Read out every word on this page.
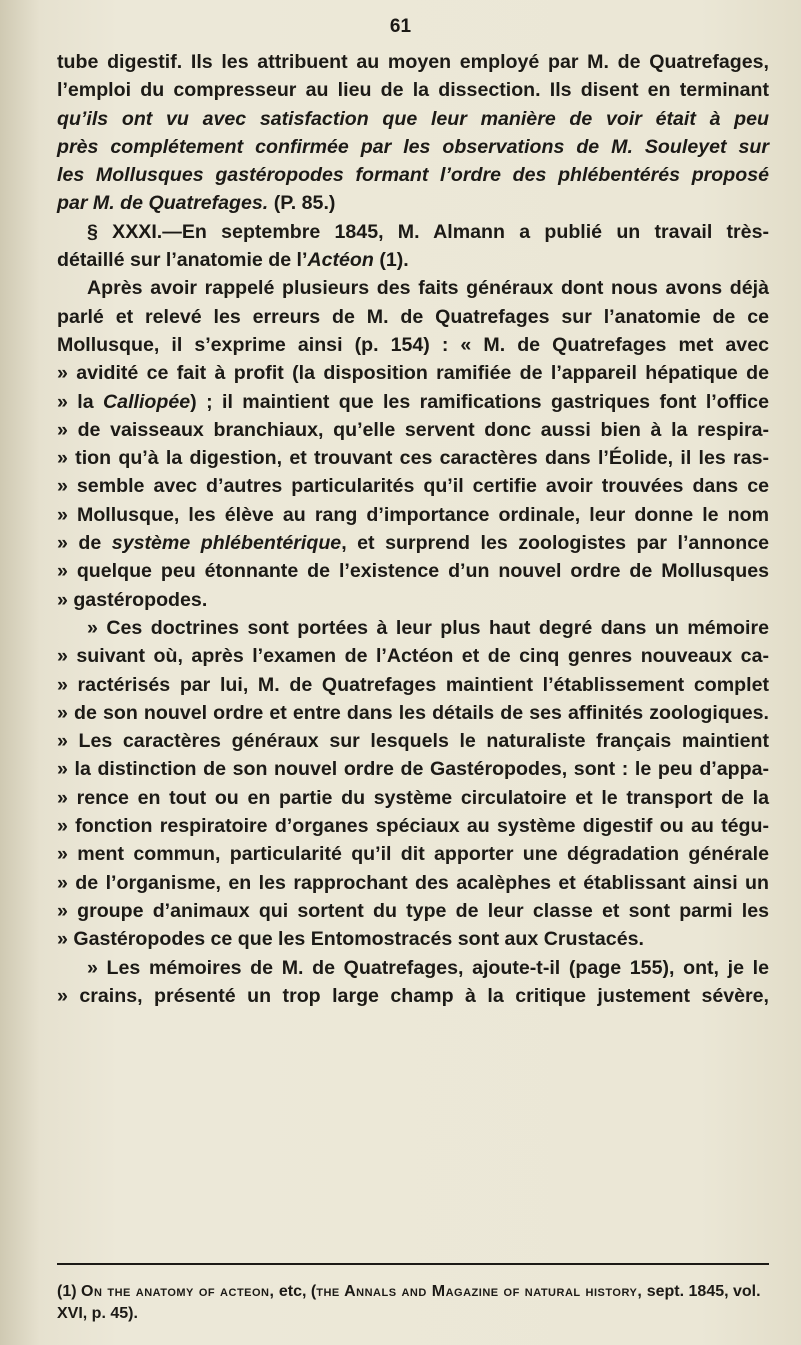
61
tube digestif. Ils les attribuent au moyen employé par M. de Quatrefages,
l’emploi du compresseur au lieu de la dissection. Ils disent en terminant
qu’ils ont vu avec satisfaction que leur manière de voir était à peu
près complétement confirmée par les observations de M. Souleyet sur
les Mollusques gastéropodes formant l’ordre des phlébentérés proposé
par M. de Quatrefages. (P. 85.)
§ XXXI.—En septembre 1845, M. Almann a publié un travail très-
détaillé sur l’anatomie de l’Actéon (1).
Après avoir rappelé plusieurs des faits généraux dont nous avons déjà
parlé et relevé les erreurs de M. de Quatrefages sur l’anatomie de ce
Mollusque, il s’exprime ainsi (p. 154) : « M. de Quatrefages met avec
» avidité ce fait à profit (la disposition ramifiée de l’appareil hépatique de
» la Calliopée) ; il maintient que les ramifications gastriques font l’office
» de vaisseaux branchiaux, qu’elle servent donc aussi bien à la respira-
» tion qu’à la digestion, et trouvant ces caractères dans l’Éolide, il les ras-
» semble avec d’autres particularités qu’il certifie avoir trouvées dans ce
» Mollusque, les élève au rang d’importance ordinale, leur donne le nom
» de système phlébentérique, et surprend les zoologistes par l’annonce
» quelque peu étonnante de l’existence d’un nouvel ordre de Mollusques
» gastéropodes.
» Ces doctrines sont portées à leur plus haut degré dans un mémoire
» suivant où, après l’examen de l’Actéon et de cinq genres nouveaux ca-
» ractérisés par lui, M. de Quatrefages maintient l’établissement complet
» de son nouvel ordre et entre dans les détails de ses affinités zoologiques.
» Les caractères généraux sur lesquels le naturaliste français maintient
» la distinction de son nouvel ordre de Gastéropodes, sont : le peu d’appa-
» rence en tout ou en partie du système circulatoire et le transport de la
» fonction respiratoire d’organes spéciaux au système digestif ou au tégu-
» ment commun, particularité qu’il dit apporter une dégradation générale
» de l’organisme, en les rapprochant des acalèphes et établissant ainsi un
» groupe d’animaux qui sortent du type de leur classe et sont parmi les
» Gastéropodes ce que les Entomostracés sont aux Crustacés.
» Les mémoires de M. de Quatrefages, ajoute-t-il (page 155), ont, je le
» crains, présenté un trop large champ à la critique justement sévère,
(1) On the anatomy of acteon, etc, (the Annals and Magazine of natural history, sept. 1845, vol. XVI, p. 45).
